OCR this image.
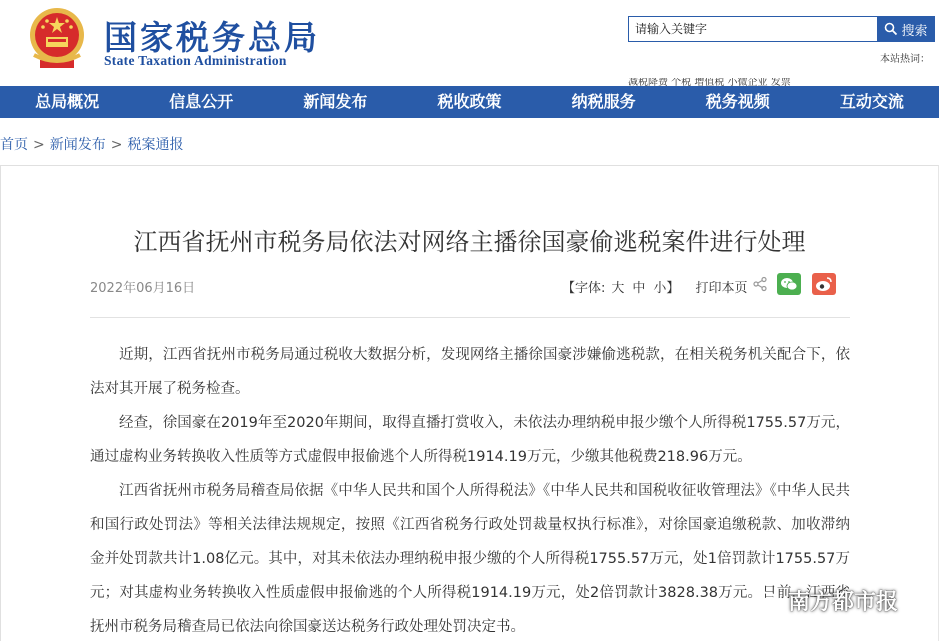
国家税务总局
State Taxation Administration
请输入关键字	搜索
本站热词：
减税降费 个税 增值税 小微企业 发票
总局概况	信息公开	新闻发布	税收政策	纳税服务	税务视频	互动交流
首页 > 新闻发布 > 税案通报
江西省抚州市税务局依法对网络主播徐国豪偷逃税案件进行处理
2022年06月16日	【字体: 大 中 小】 打印本页
近期，江西省抚州市税务局通过税收大数据分析，发现网络主播徐国豪涉嫌偷逃税款，在相关税务机关配合下，依法对其开展了税务检查。
经查，徐国豪在2019年至2020年期间，取得直播打赏收入，未依法办理纳税申报少缴个人所得税1755.57万元，通过虚构业务转换收入性质等方式虚假申报偷逃个人所得税1914.19万元，少缴其他税费218.96万元。
江西省抚州市税务局稽查局依据《中华人民共和国个人所得税法》《中华人民共和国税收征收管理法》《中华人民共和国行政处罚法》等相关法律法规规定，按照《江西省税务行政处罚裁量权执行标准》，对徐国豪追缴税款、加收滞纳金并处罚款共计1.08亿元。其中，对其未依法办理纳税申报少缴的个人所得税1755.57万元，处1倍罚款计1755.57万元；对其虚构业务转换收入性质虚假申报偷逃的个人所得税1914.19万元，处2倍罚款计3828.38万元。日前，江西省抚州市税务局稽查局已依法向徐国豪送达税务行政处理处罚决定书。
南方都市报
